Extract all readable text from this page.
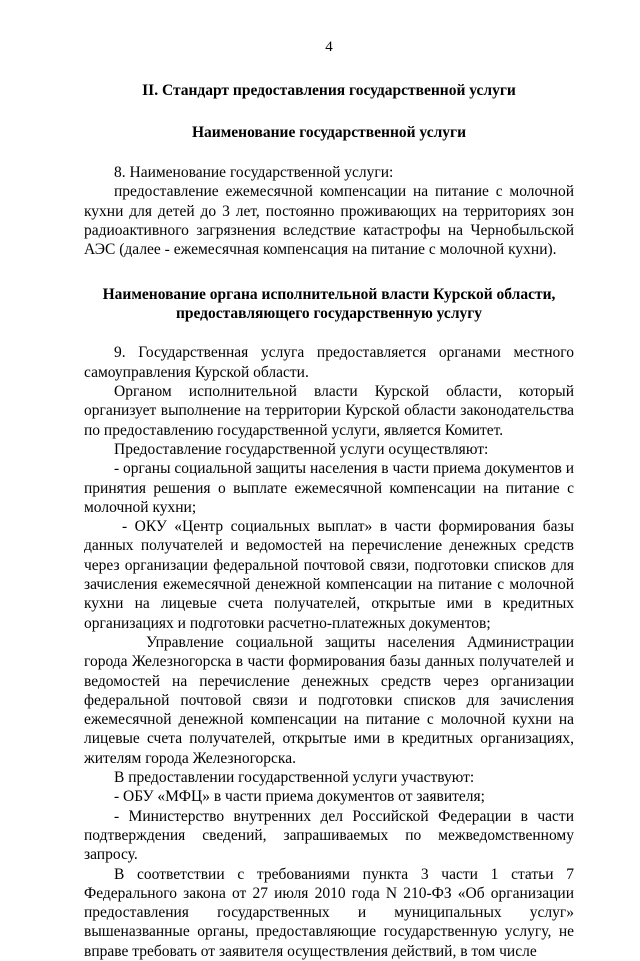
4
II. Стандарт предоставления государственной услуги
Наименование государственной услуги

8. Наименование государственной услуги:

предоставление ежемесячной компенсации на питание с молочной кухни для детей до 3 лет, постоянно проживающих на территориях зон радиоактивного загрязнения вследствие катастрофы на Чернобыльской АЭС (далее - ежемесячная компенсация на питание с молочной кухни).

Наименование органа исполнительной власти Курской области,
предоставляющего государственную услугу

9. Государственная услуга предоставляется органами местного самоуправления Курской области.

Органом исполнительной власти Курской области, который организует выполнение на территории Курской области законодательства по предоставлению государственной услуги, является Комитет.

Предоставление государственной услуги осуществляют:

- органы социальной защиты населения в части приема документов и принятия решения о выплате ежемесячной компенсации на питание с молочной кухни;

- ОКУ «Центр социальных выплат» в части формирования базы данных получателей и ведомостей на перечисление денежных средств через организации федеральной почтовой связи, подготовки списков для зачисления ежемесячной денежной компенсации на питание с молочной кухни на лицевые счета получателей, открытые ими в кредитных организациях и подготовки расчетно-платежных документов;

Управление социальной защиты населения Администрации города Железногорска в части формирования базы данных получателей и ведомостей на перечисление денежных средств через организации федеральной почтовой связи и подготовки списков для зачисления ежемесячной денежной компенсации на питание с молочной кухни на лицевые счета получателей, открытые ими в кредитных организациях, жителям города Железногорска.

В предоставлении государственной услуги участвуют:

- ОБУ «МФЦ» в части приема документов от заявителя;

- Министерство внутренних дел Российской Федерации в части подтверждения сведений, запрашиваемых по межведомственному запросу.

В соответствии с требованиями пункта 3 части 1 статьи 7 Федерального закона от 27 июля 2010 года N 210-ФЗ «Об организации предоставления государственных и муниципальных услуг» вышеназванные органы, предоставляющие государственную услугу, не вправе требовать от заявителя осуществления действий, в том числе
